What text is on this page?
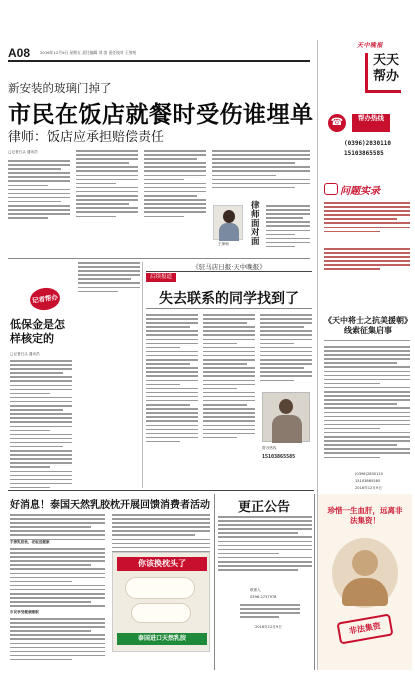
A08	2016年12月9日 星期五 责任编辑 刘 滨 责任校对 王黎苑
天中晚报
天天帮办
新安装的玻璃门掉了
市民在饭店就餐时受伤谁埋单
律师：饭店应承担赔偿责任
□记者石头 通讯员
律师面对面
王律师
☎	帮办热线
(0396)2830110
15103865585
问题实录
《天中将士之抗美援朝》线索征集启事
(0396)2830110
15103865585
2016年12月9日
记者帮办
低保金是怎样核定的
□记者石头 通讯员
《驻马店日报·天中晚报》
后续报道
失去联系的同学找到了
帮办热线
15103865585
好消息！泰国天然乳胶枕开展回馈消费者活动
手捧乳胶枕，老板送健康
市民享受健康睡眠
你该换枕头了
泰国进口天然乳胶
更正公告
联系人
0396-2737978
2016年12月9日
珍惜一生血肝，远离非法集资！
非法集资
